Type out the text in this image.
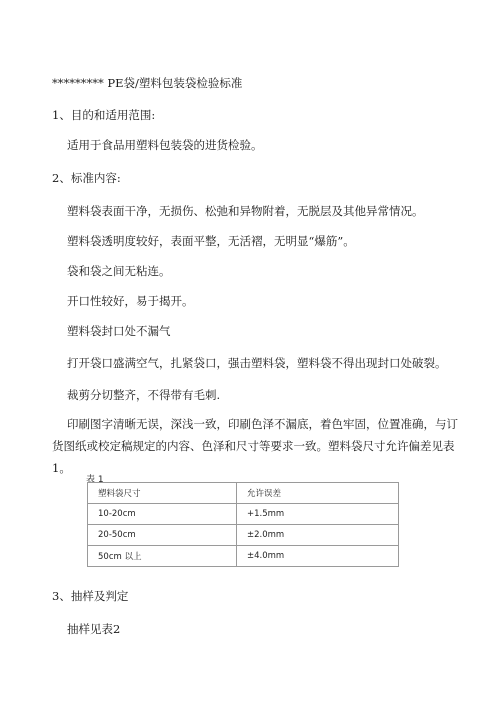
********* PE袋/塑料包装袋检验标准
1、目的和适用范围:
适用于食品用塑料包装袋的进货检验。
2、标准内容:
塑料袋表面干净，无损伤、松弛和异物附着，无脱层及其他异常情况。
塑料袋透明度较好，表面平整，无活褶，无明显“爆筋”。
袋和袋之间无粘连。
开口性较好，易于揭开。
塑料袋封口处不漏气
打开袋口盛满空气，扎紧袋口，强击塑料袋，塑料袋不得出现封口处破裂。
裁剪分切整齐，不得带有毛刺.
印刷图字清晰无误，深浅一致，印刷色泽不漏底，着色牢固，位置准确，与订货图纸或校定稿规定的内容、色泽和尺寸等要求一致。塑料袋尺寸允许偏差见表1。
表 1
塑料袋尺寸	允许误差
10-20cm	+1.5mm
20-50cm	±2.0mm
50cm 以上	±4.0mm
3、抽样及判定
抽样见表2
